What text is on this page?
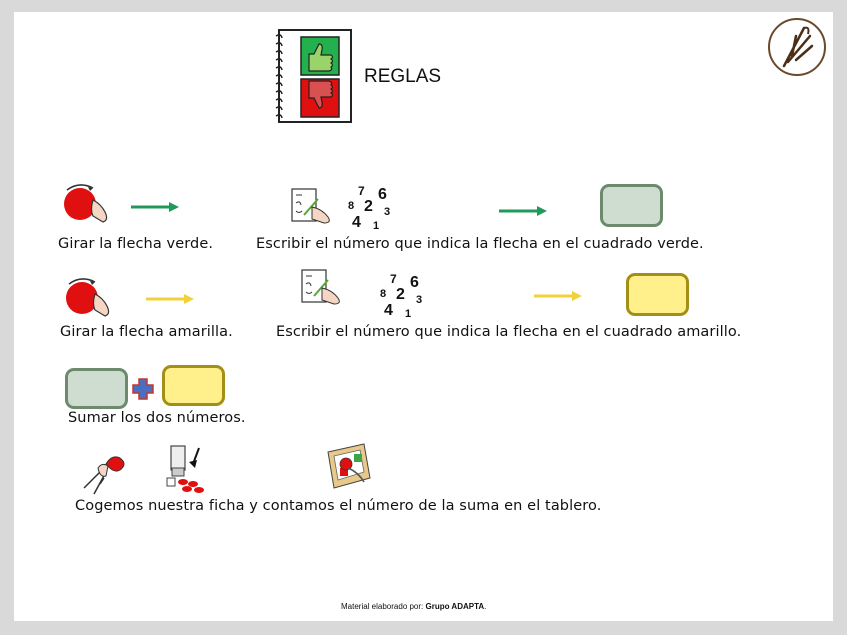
REGLAS
Girar la flecha verde.
7 6
8 2 3
4 1
Escribir el número que indica la flecha en el cuadrado verde.
Girar la flecha amarilla.
7 6
8 2 3
4 1
Escribir el número que indica la flecha en el cuadrado amarillo.
Sumar los dos números.
Cogemos nuestra ficha y contamos el número de la suma en el tablero.
Material elaborado por: Grupo ADAPTA.
